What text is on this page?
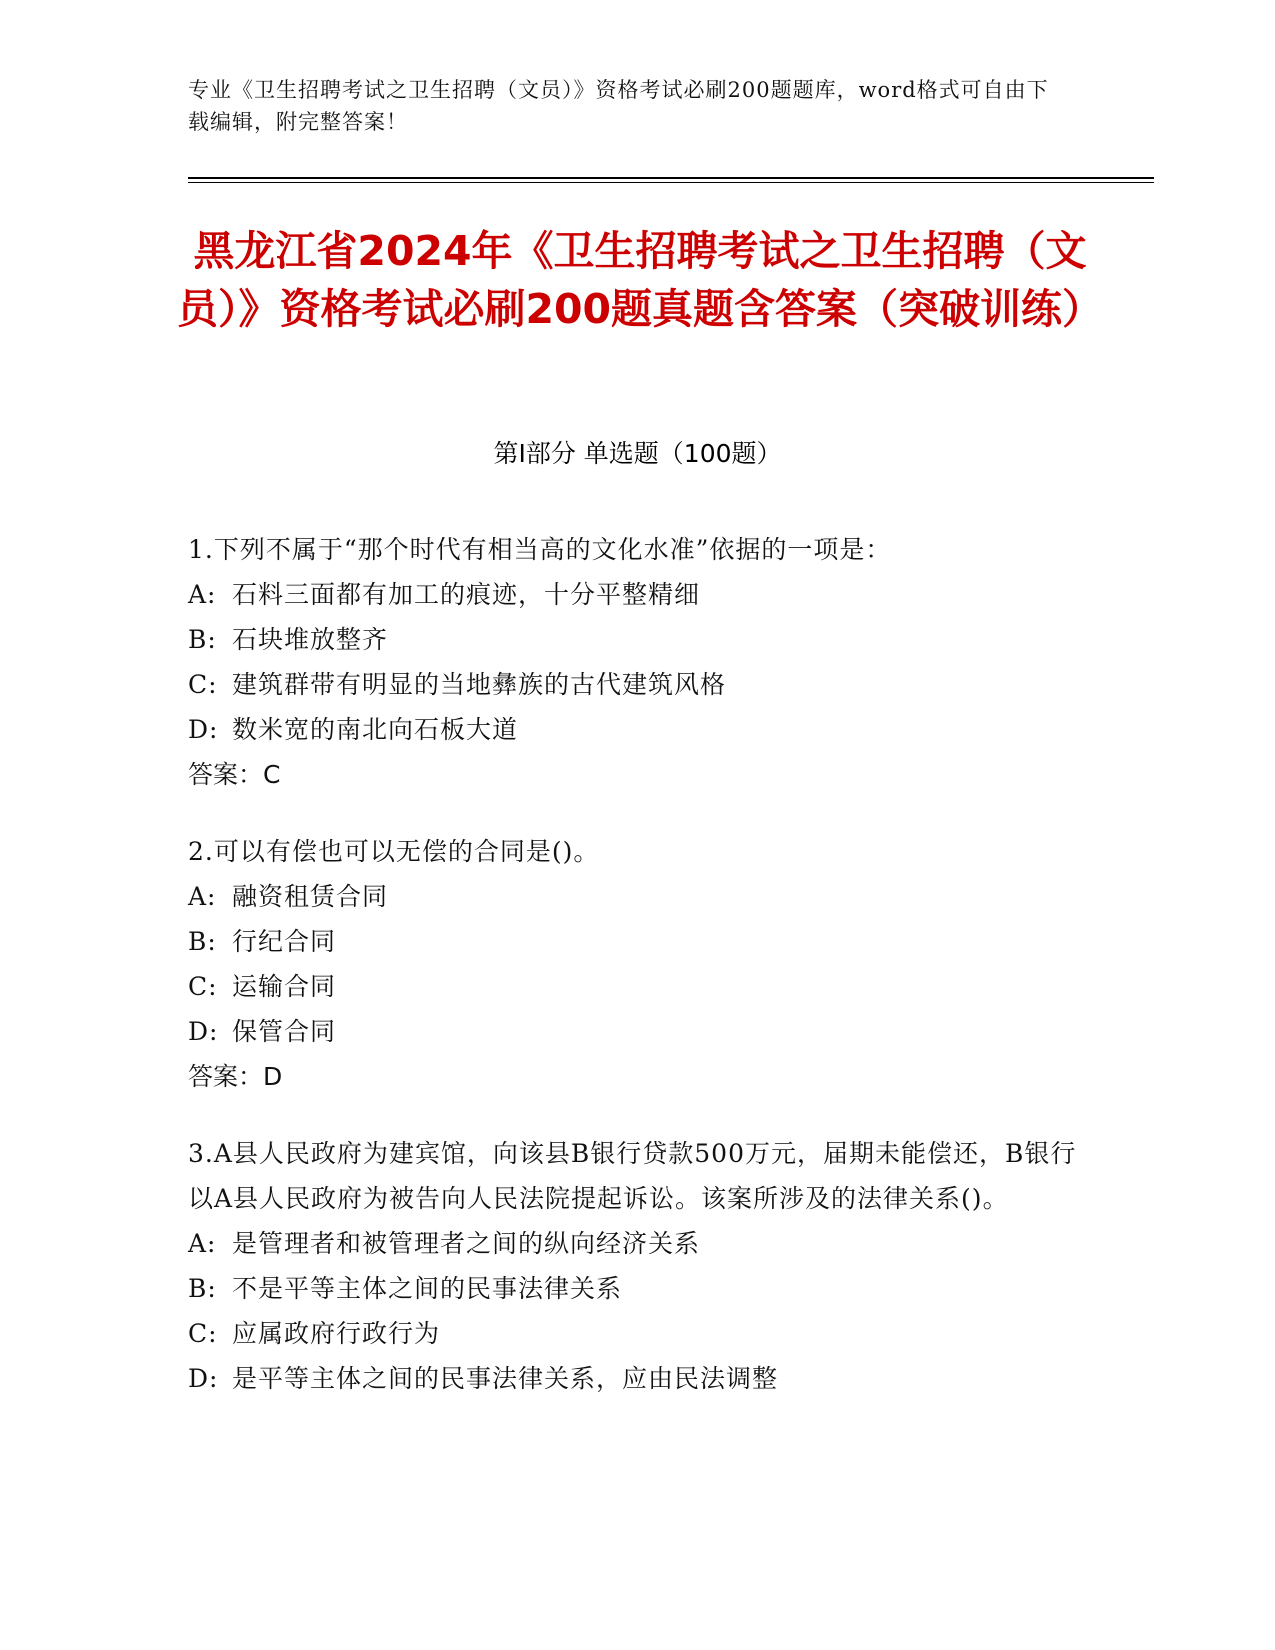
专业《卫生招聘考试之卫生招聘（文员）》资格考试必刷200题题库，word格式可自由下载编辑，附完整答案！
黑龙江省2024年《卫生招聘考试之卫生招聘（文员）》资格考试必刷200题真题含答案（突破训练）
第Ⅰ部分 单选题（100题）
1.下列不属于“那个时代有相当高的文化水准”依据的一项是：
A: 石料三面都有加工的痕迹，十分平整精细
B: 石块堆放整齐
C: 建筑群带有明显的当地彝族的古代建筑风格
D: 数米宽的南北向石板大道
答案：C
2.可以有偿也可以无偿的合同是()。
A: 融资租赁合同
B: 行纪合同
C: 运输合同
D: 保管合同
答案：D
3.A县人民政府为建宾馆，向该县B银行贷款500万元，届期未能偿还，B银行以A县人民政府为被告向人民法院提起诉讼。该案所涉及的法律关系()。
A: 是管理者和被管理者之间的纵向经济关系
B: 不是平等主体之间的民事法律关系
C: 应属政府行政行为
D: 是平等主体之间的民事法律关系，应由民法调整
